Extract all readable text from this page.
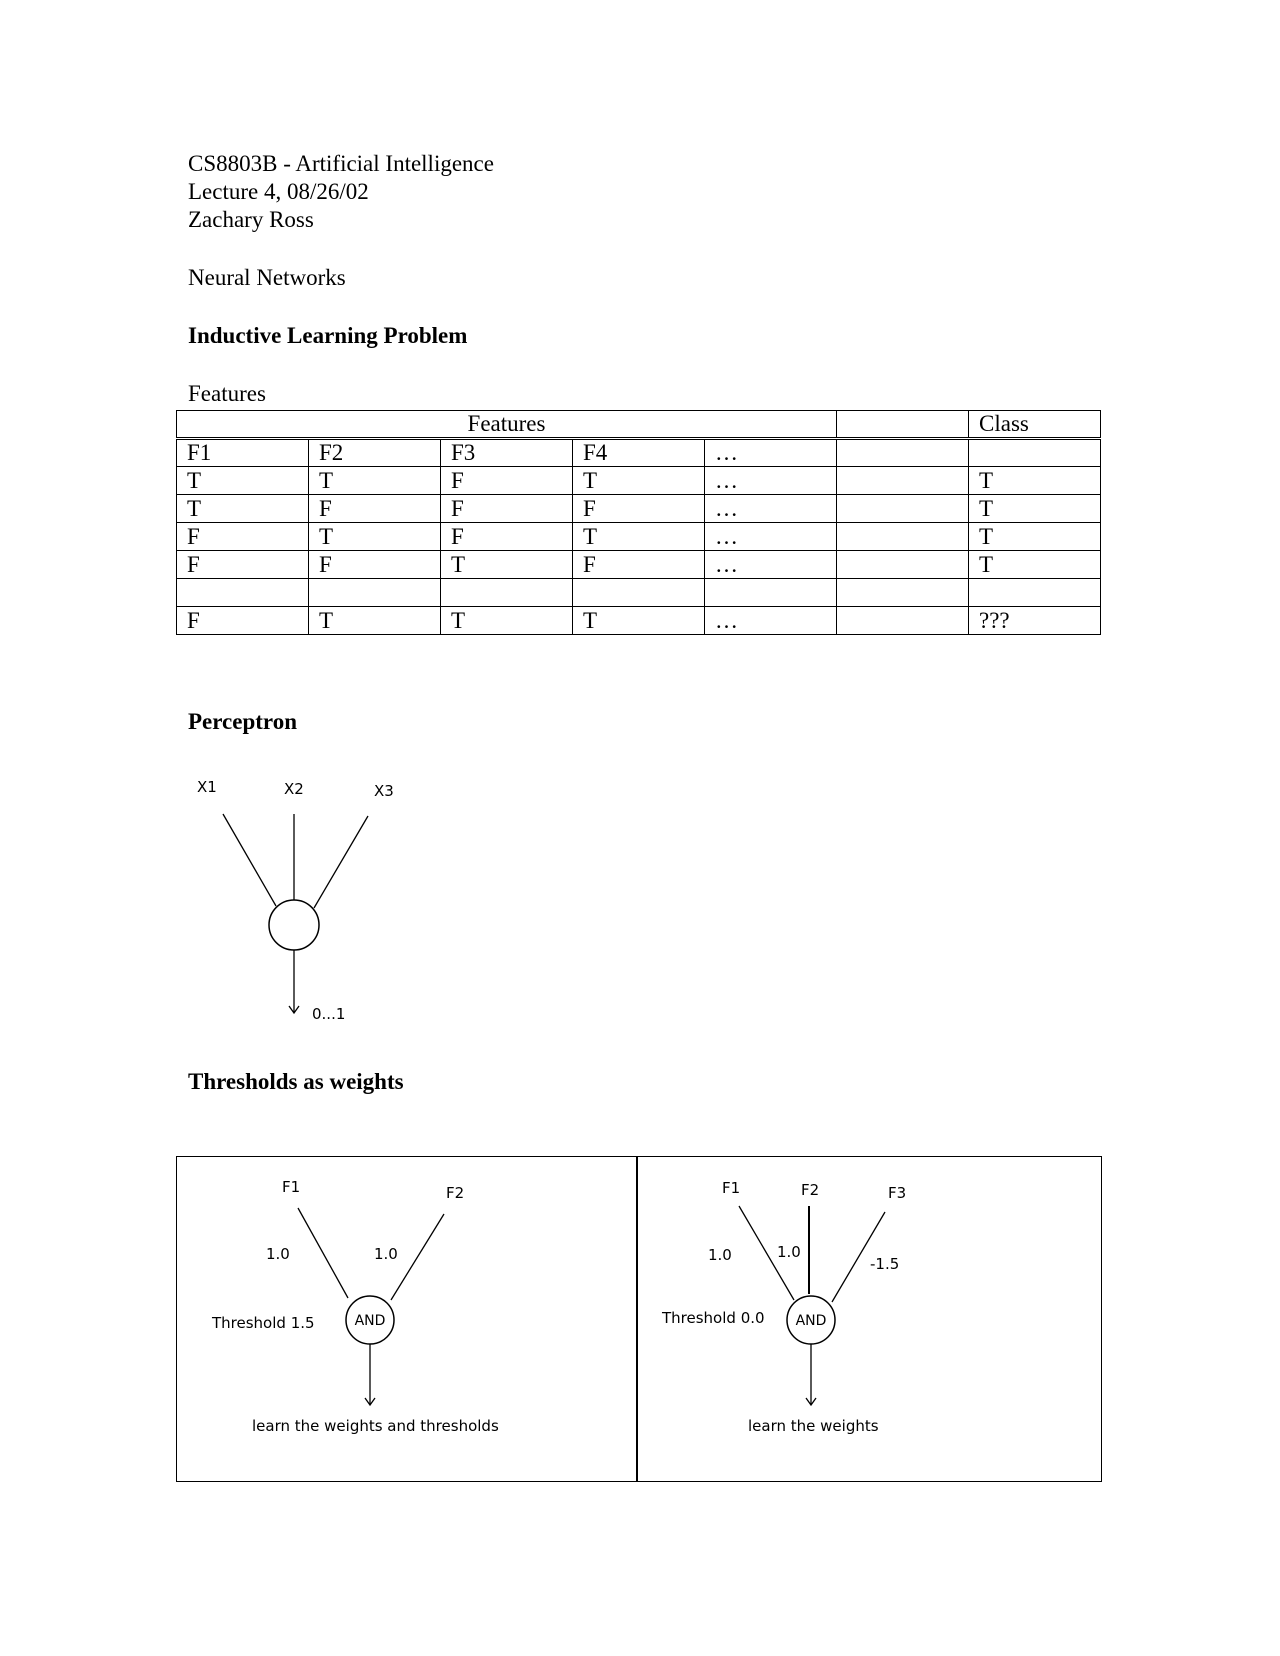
CS8803B - Artificial Intelligence
Lecture 4, 08/26/02
Zachary Ross
Neural Networks
Inductive Learning Problem
Features
Features						Class
F1	F2	F3	F4	…		
T	T	F	T	…		T
T	F	F	F	…		T
F	T	F	T	…		T
F	F	T	F	…		T

F	T	T	T	…		???
Perceptron
X1	X2	X3
0...1
Thresholds as weights
F1	F2
1.0	1.0
AND
Threshold 1.5
learn the weights and thresholds
F1	F2	F3
1.0	1.0
-1.5
AND
Threshold 0.0
learn the weights
